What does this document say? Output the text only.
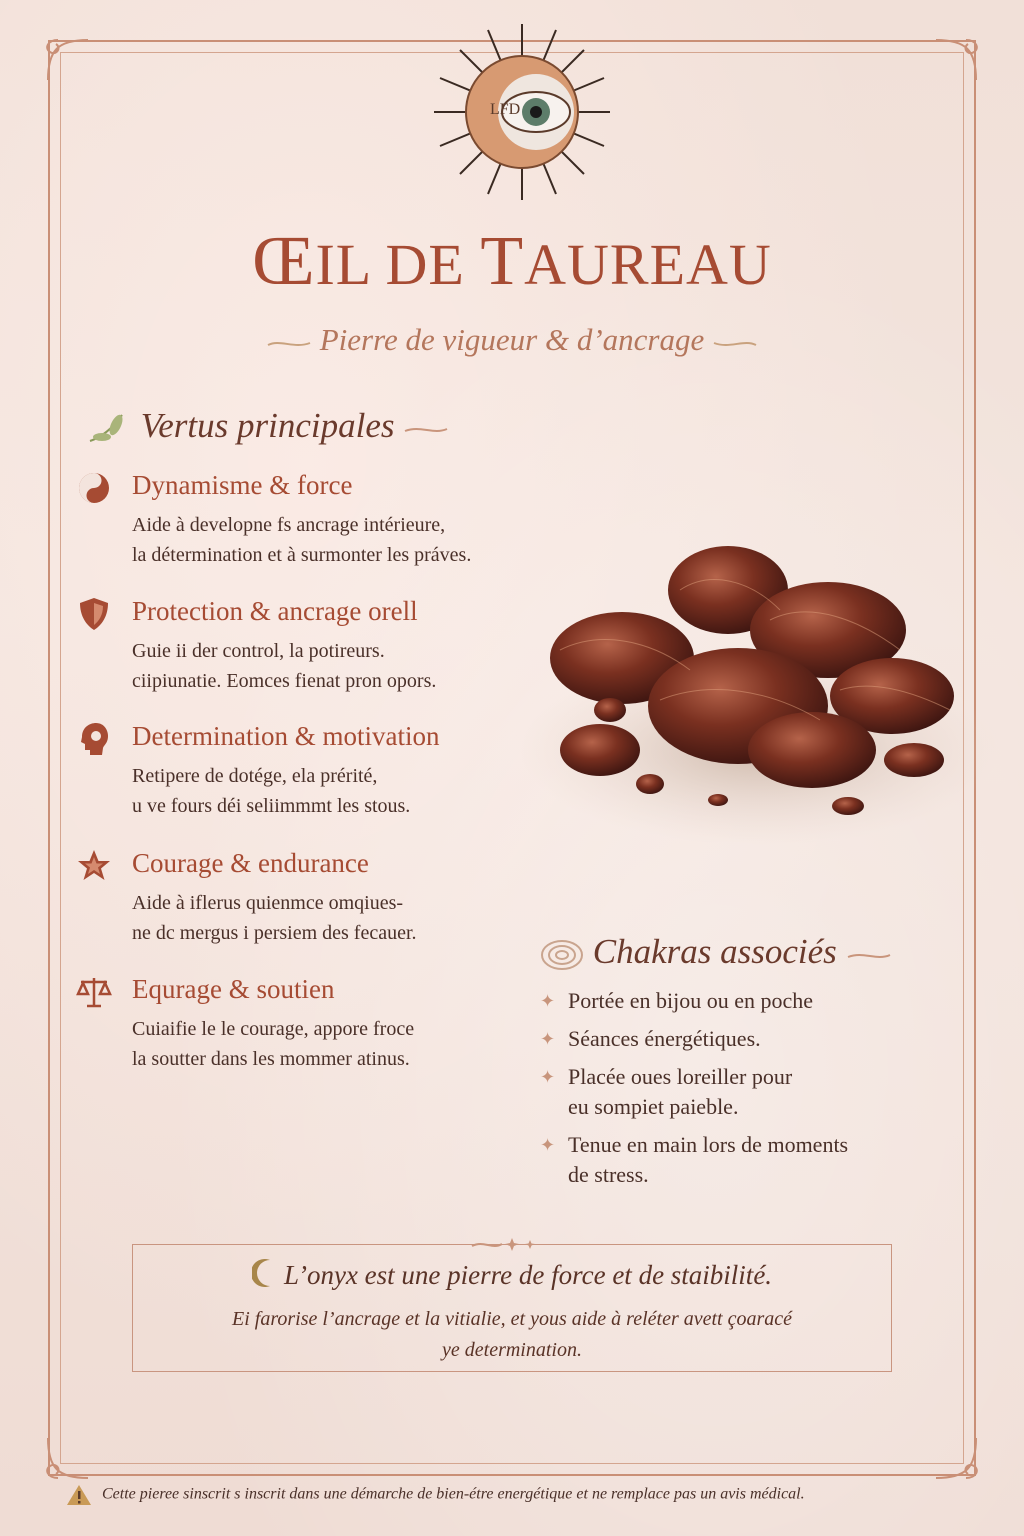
LFD
ŒIL DE TAUREAU
Pierre de vigueur & d’ancrage
Vertus principales
Dynamisme & force
Aide à developne fs ancrage intérieure,
la détermination et à surmonter les práves.
Protection & ancrage orell
Guie ii der control, la potireurs.
ciipiunatie. Eomces fienat pron opors.
Determination & motivation
Retipere de dotége, ela prérité,
u ve fours déi seliimmmt les stous.
Courage & endurance
Aide à iflerus quienmce omqiues-
ne dc mergus i persiem des fecauer.
Equrage & soutien
Cuiaifie le le courage, appore froce
la soutter dans les mommer atinus.
Chakras associés
✦ Portée en bijou ou en poche
✦ Séances énergétiques.
✦ Placée oues loreiller pour
eu sompiet paieble.
✦ Tenue en main lors de moments
de stress.
L’onyx est une pierre de force et de staibilité.
Ei farorise l’ancrage et la vitialie, et yous aide à reléter avett çoaracé
ye determination.
Cette pieree sinscrit s inscrit dans une démarche de bien-étre energétique et ne remplace pas un avis médical.
